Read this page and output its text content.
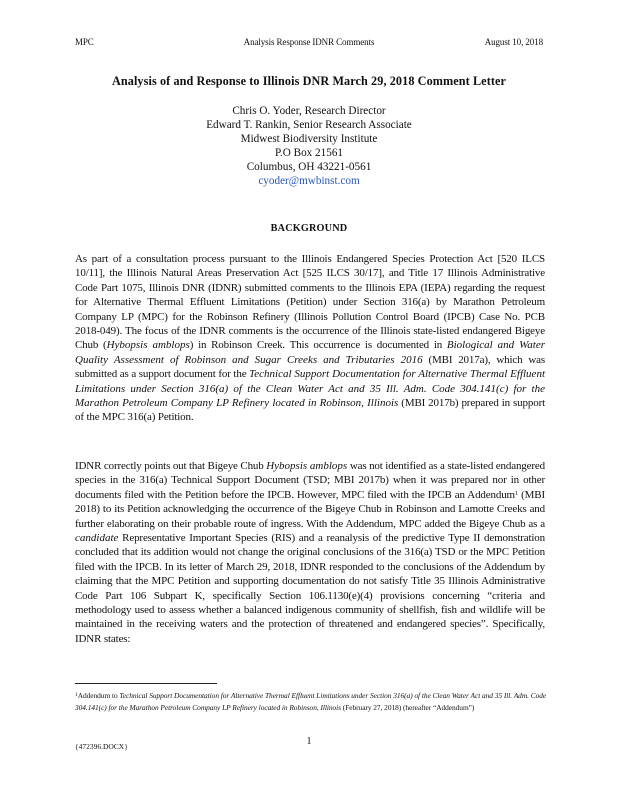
MPC	Analysis Response IDNR Comments	August 10, 2018
Analysis of and Response to Illinois DNR March 29, 2018 Comment Letter
Chris O. Yoder, Research Director
Edward T. Rankin, Senior Research Associate
Midwest Biodiversity Institute
P.O Box 21561
Columbus, OH 43221-0561
cyoder@mwbinst.com
BACKGROUND
As part of a consultation process pursuant to the Illinois Endangered Species Protection Act [520 ILCS 10/11], the Illinois Natural Areas Preservation Act [525 ILCS 30/17], and Title 17 Illinois Administrative Code Part 1075, Illinois DNR (IDNR) submitted comments to the Illinois EPA (IEPA) regarding the request for Alternative Thermal Effluent Limitations (Petition) under Section 316(a) by Marathon Petroleum Company LP (MPC) for the Robinson Refinery (Illinois Pollution Control Board (IPCB) Case No. PCB 2018-049). The focus of the IDNR comments is the occurrence of the Illinois state-listed endangered Bigeye Chub (Hybopsis amblops) in Robinson Creek. This occurrence is documented in Biological and Water Quality Assessment of Robinson and Sugar Creeks and Tributaries 2016 (MBI 2017a), which was submitted as a support document for the Technical Support Documentation for Alternative Thermal Effluent Limitations under Section 316(a) of the Clean Water Act and 35 Ill. Adm. Code 304.141(c) for the Marathon Petroleum Company LP Refinery located in Robinson, Illinois (MBI 2017b) prepared in support of the MPC 316(a) Petition.
IDNR correctly points out that Bigeye Chub Hybopsis amblops was not identified as a state-listed endangered species in the 316(a) Technical Support Document (TSD; MBI 2017b) when it was prepared nor in other documents filed with the Petition before the IPCB. However, MPC filed with the IPCB an Addendum$^1$ (MBI 2018) to its Petition acknowledging the occurrence of the Bigeye Chub in Robinson and Lamotte Creeks and further elaborating on their probable route of ingress. With the Addendum, MPC added the Bigeye Chub as a candidate Representative Important Species (RIS) and a reanalysis of the predictive Type II demonstration concluded that its addition would not change the original conclusions of the 316(a) TSD or the MPC Petition filed with the IPCB. In its letter of March 29, 2018, IDNR responded to the conclusions of the Addendum by claiming that the MPC Petition and supporting documentation do not satisfy Title 35 Illinois Administrative Code Part 106 Subpart K, specifically Section 106.1130(e)(4) provisions concerning “criteria and methodology used to assess whether a balanced indigenous community of shellfish, fish and wildlife will be maintained in the receiving waters and the protection of threatened and endangered species”. Specifically, IDNR states:
$^1$Addendum to Technical Support Documentation for Alternative Thermal Effluent Limitations under Section 316(a) of the Clean Water Act and 35 Ill. Adm. Code 304.141(c) for the Marathon Petroleum Company LP Refinery located in Robinson, Illinois (February 27, 2018) (hereafter “Addendum”)
{472396.DOCX}	1
